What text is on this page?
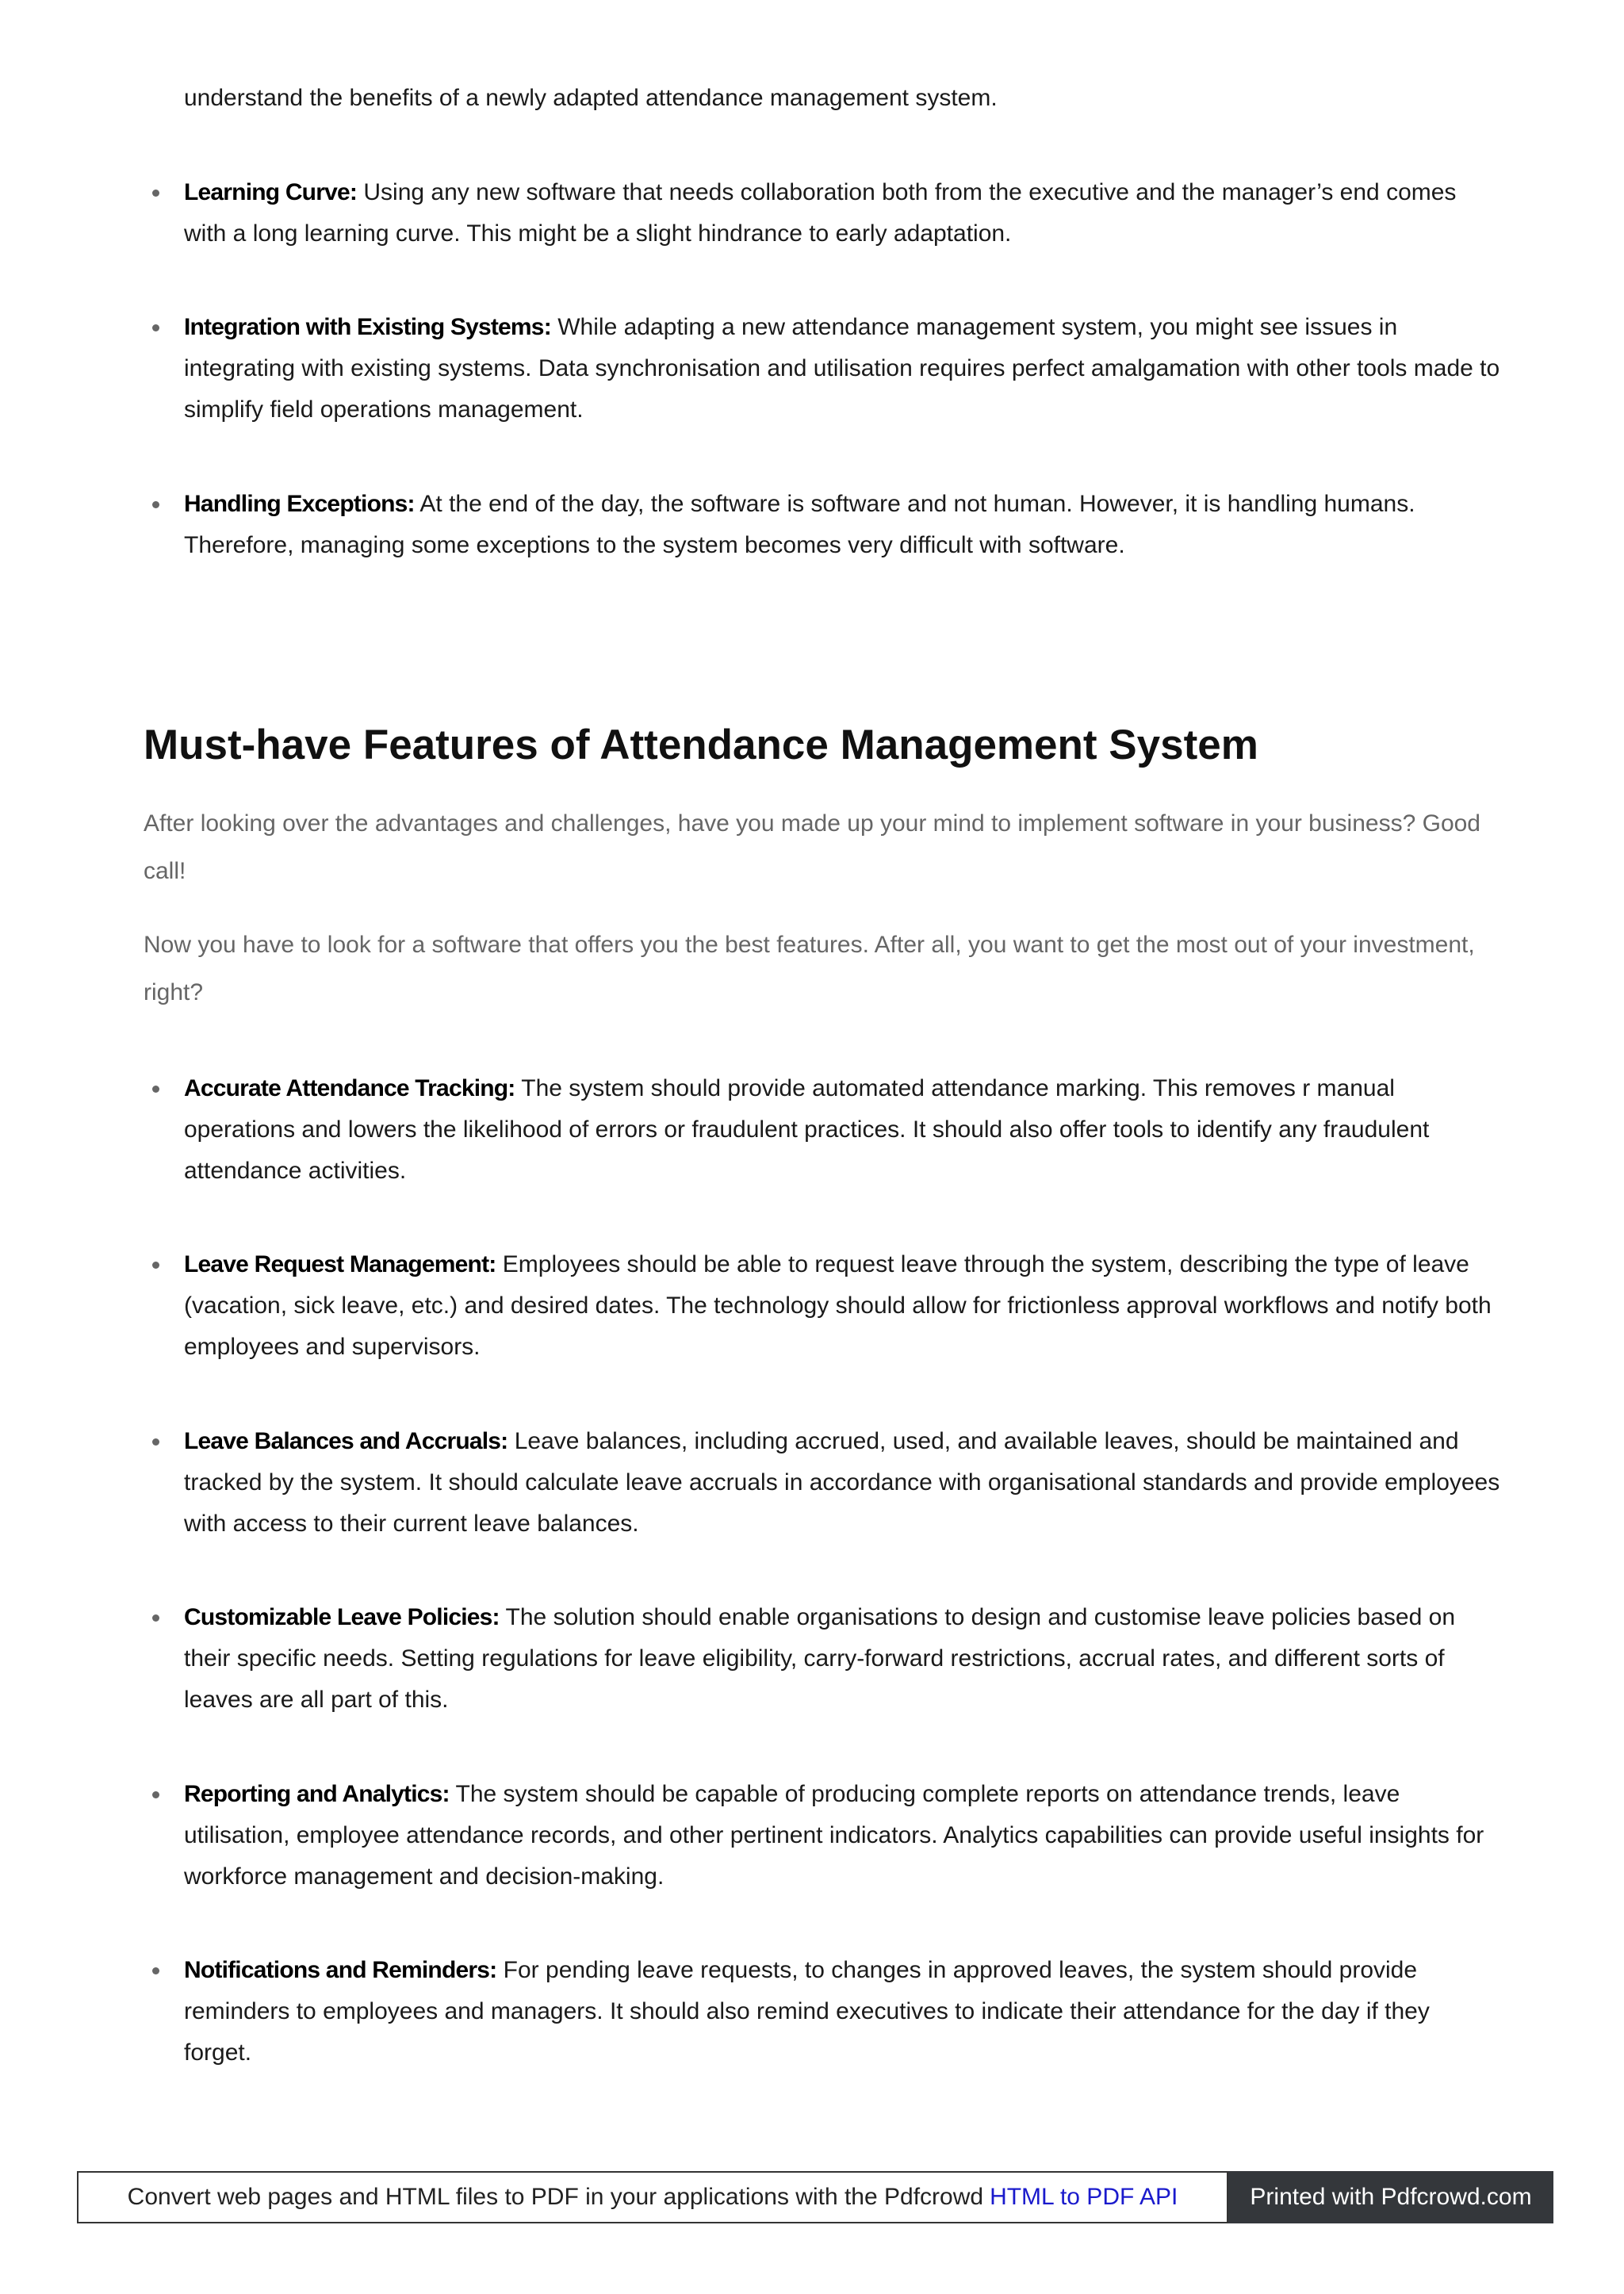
understand the benefits of a newly adapted attendance management system.
Learning Curve: Using any new software that needs collaboration both from the executive and the manager’s end comes with a long learning curve. This might be a slight hindrance to early adaptation.
Integration with Existing Systems: While adapting a new attendance management system, you might see issues in integrating with existing systems. Data synchronisation and utilisation requires perfect amalgamation with other tools made to simplify field operations management.
Handling Exceptions: At the end of the day, the software is software and not human. However, it is handling humans. Therefore, managing some exceptions to the system becomes very difficult with software.
Must-have Features of Attendance Management System

After looking over the advantages and challenges, have you made up your mind to implement software in your business? Good call!

Now you have to look for a software that offers you the best features. After all, you want to get the most out of your investment, right?

Accurate Attendance Tracking: The system should provide automated attendance marking. This removes r manual operations and lowers the likelihood of errors or fraudulent practices. It should also offer tools to identify any fraudulent attendance activities.
Leave Request Management: Employees should be able to request leave through the system, describing the type of leave (vacation, sick leave, etc.) and desired dates. The technology should allow for frictionless approval workflows and notify both employees and supervisors.
Leave Balances and Accruals: Leave balances, including accrued, used, and available leaves, should be maintained and tracked by the system. It should calculate leave accruals in accordance with organisational standards and provide employees with access to their current leave balances.
Customizable Leave Policies: The solution should enable organisations to design and customise leave policies based on their specific needs. Setting regulations for leave eligibility, carry-forward restrictions, accrual rates, and different sorts of leaves are all part of this.
Reporting and Analytics: The system should be capable of producing complete reports on attendance trends, leave utilisation, employee attendance records, and other pertinent indicators. Analytics capabilities can provide useful insights for workforce management and decision-making.
Notifications and Reminders: For pending leave requests, to changes in approved leaves, the system should provide reminders to employees and managers. It should also remind executives to indicate their attendance for the day if they forget.
Convert web pages and HTML files to PDF in your applications with the Pdfcrowd HTML to PDF API	Printed with Pdfcrowd.com
